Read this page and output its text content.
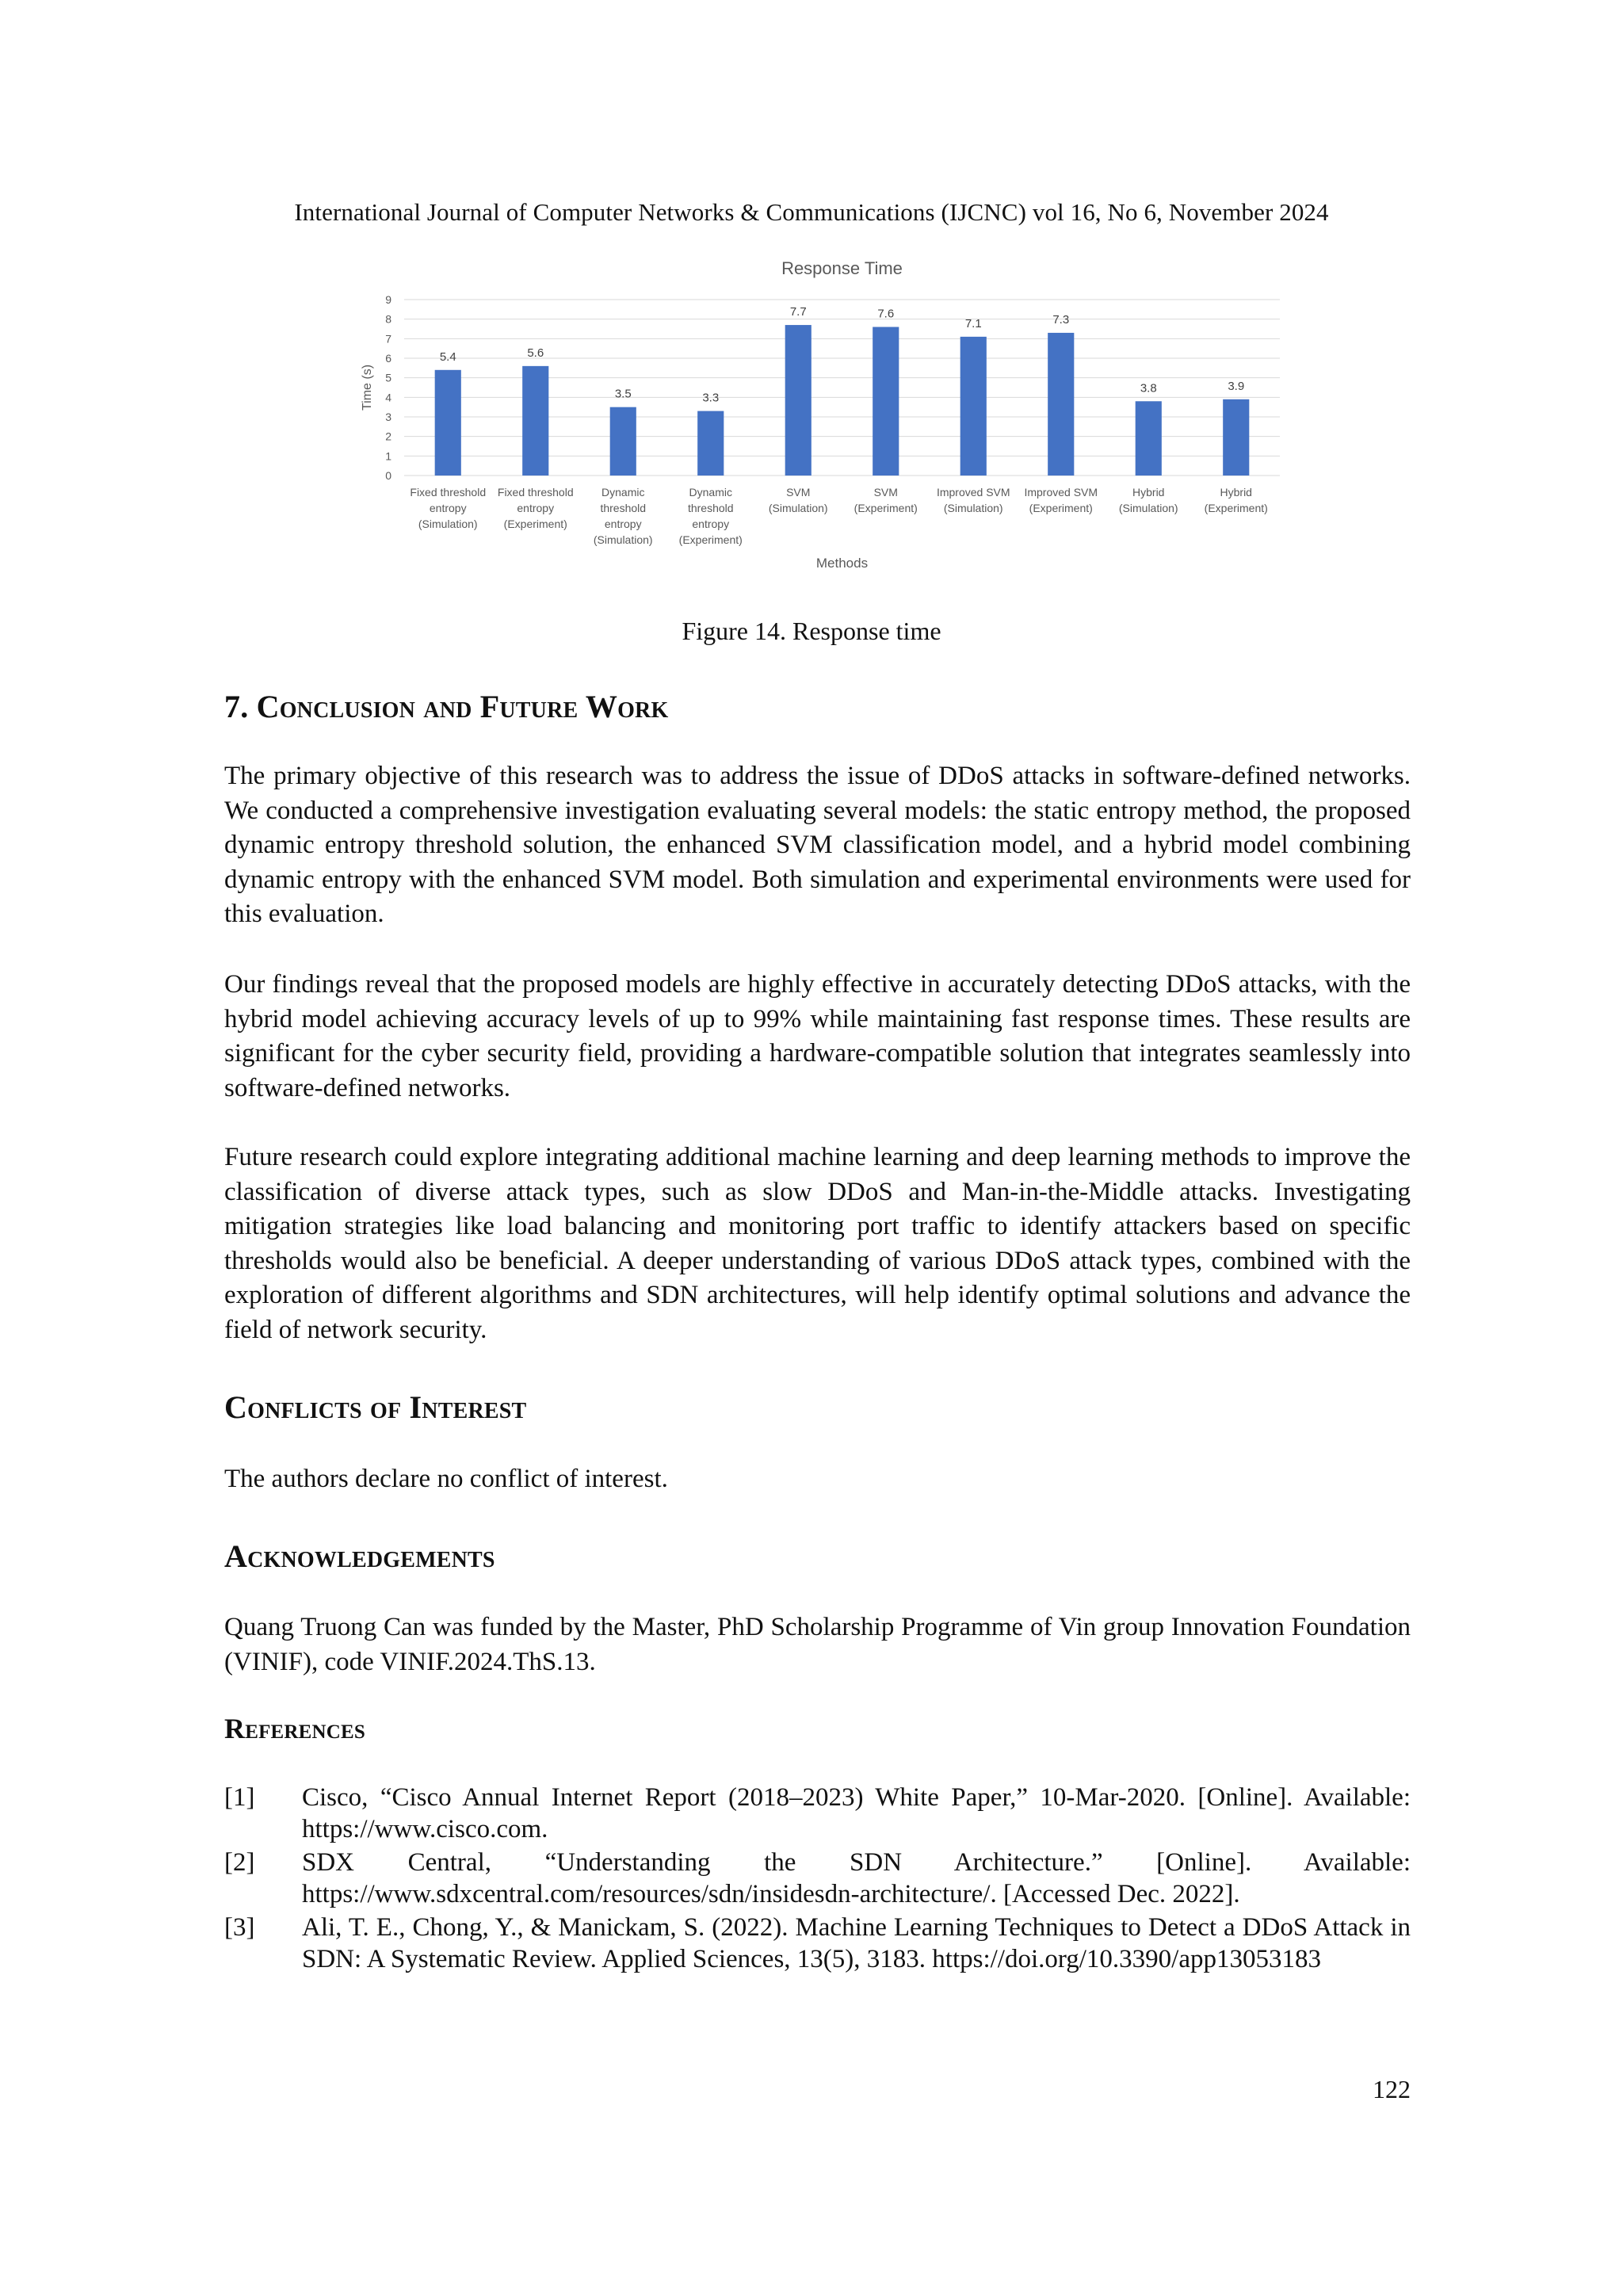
International Journal of Computer Networks & Communications (IJCNC) vol 16, No 6, November 2024
Response Time
0
1
2
3
4
5
6
7
8
9
Time (s)
5.4
Fixed threshold
entropy
(Simulation)
5.6
Fixed threshold
entropy
(Experiment)
3.5
Dynamic
threshold
entropy
(Simulation)
3.3
Dynamic
threshold
entropy
(Experiment)
7.7
SVM
(Simulation)
7.6
SVM
(Experiment)
7.1
Improved SVM
(Simulation)
7.3
Improved SVM
(Experiment)
3.8
Hybrid
(Simulation)
3.9
Hybrid
(Experiment)
Methods
Figure 14. Response time
7. Conclusion and Future Work
The primary objective of this research was to address the issue of DDoS attacks in software-defined networks. We conducted a comprehensive investigation evaluating several models: the static entropy method, the proposed dynamic entropy threshold solution, the enhanced SVM classification model, and a hybrid model combining dynamic entropy with the enhanced SVM model. Both simulation and experimental environments were used for this evaluation.
Our findings reveal that the proposed models are highly effective in accurately detecting DDoS attacks, with the hybrid model achieving accuracy levels of up to 99% while maintaining fast response times. These results are significant for the cyber security field, providing a hardware-compatible solution that integrates seamlessly into software-defined networks.
Future research could explore integrating additional machine learning and deep learning methods to improve the classification of diverse attack types, such as slow DDoS and Man-in-the-Middle attacks. Investigating mitigation strategies like load balancing and monitoring port traffic to identify attackers based on specific thresholds would also be beneficial. A deeper understanding of various DDoS attack types, combined with the exploration of different algorithms and SDN architectures, will help identify optimal solutions and advance the field of network security.
Conflicts of Interest
The authors declare no conflict of interest.
Acknowledgements
Quang Truong Can was funded by the Master, PhD Scholarship Programme of Vin group Innovation Foundation (VINIF), code VINIF.2024.ThS.13.
References
[1]	Cisco, “Cisco Annual Internet Report (2018–2023) White Paper,” 10-Mar-2020. [Online]. Available: https://www.cisco.com.
[2]	SDX Central, “Understanding the SDN Architecture.” [Online]. Available: https://www.sdxcentral.com/resources/sdn/insidesdn-architecture/. [Accessed Dec. 2022].
[3]	Ali, T. E., Chong, Y., & Manickam, S. (2022). Machine Learning Techniques to Detect a DDoS Attack in SDN: A Systematic Review. Applied Sciences, 13(5), 3183. https://doi.org/10.3390/app13053183
122
